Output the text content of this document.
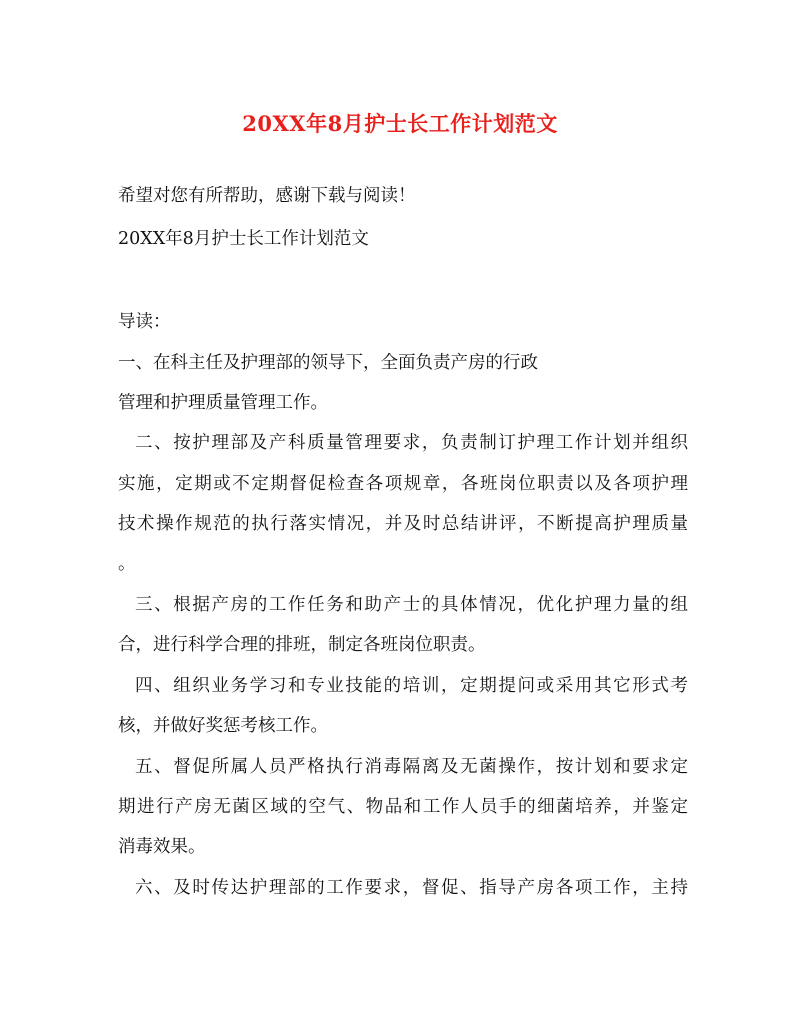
20XX年8月护士长工作计划范文
希望对您有所帮助，感谢下载与阅读！
20XX年8月护士长工作计划范文
导读：
一、在科主任及护理部的领导下，全面负责产房的行政
管理和护理质量管理工作。
二、按护理部及产科质量管理要求，负责制订护理工作计划并组织
实施，定期或不定期督促检查各项规章，各班岗位职责以及各项护理
技术操作规范的执行落实情况，并及时总结讲评，不断提高护理质量
。
三、根据产房的工作任务和助产士的具体情况，优化护理力量的组
合，进行科学合理的排班，制定各班岗位职责。
四、组织业务学习和专业技能的培训，定期提问或采用其它形式考
核，并做好奖惩考核工作。
五、督促所属人员严格执行消毒隔离及无菌操作，按计划和要求定
期进行产房无菌区域的空气、物品和工作人员手的细菌培养，并鉴定
消毒效果。
六、及时传达护理部的工作要求，督促、指导产房各项工作，主持
